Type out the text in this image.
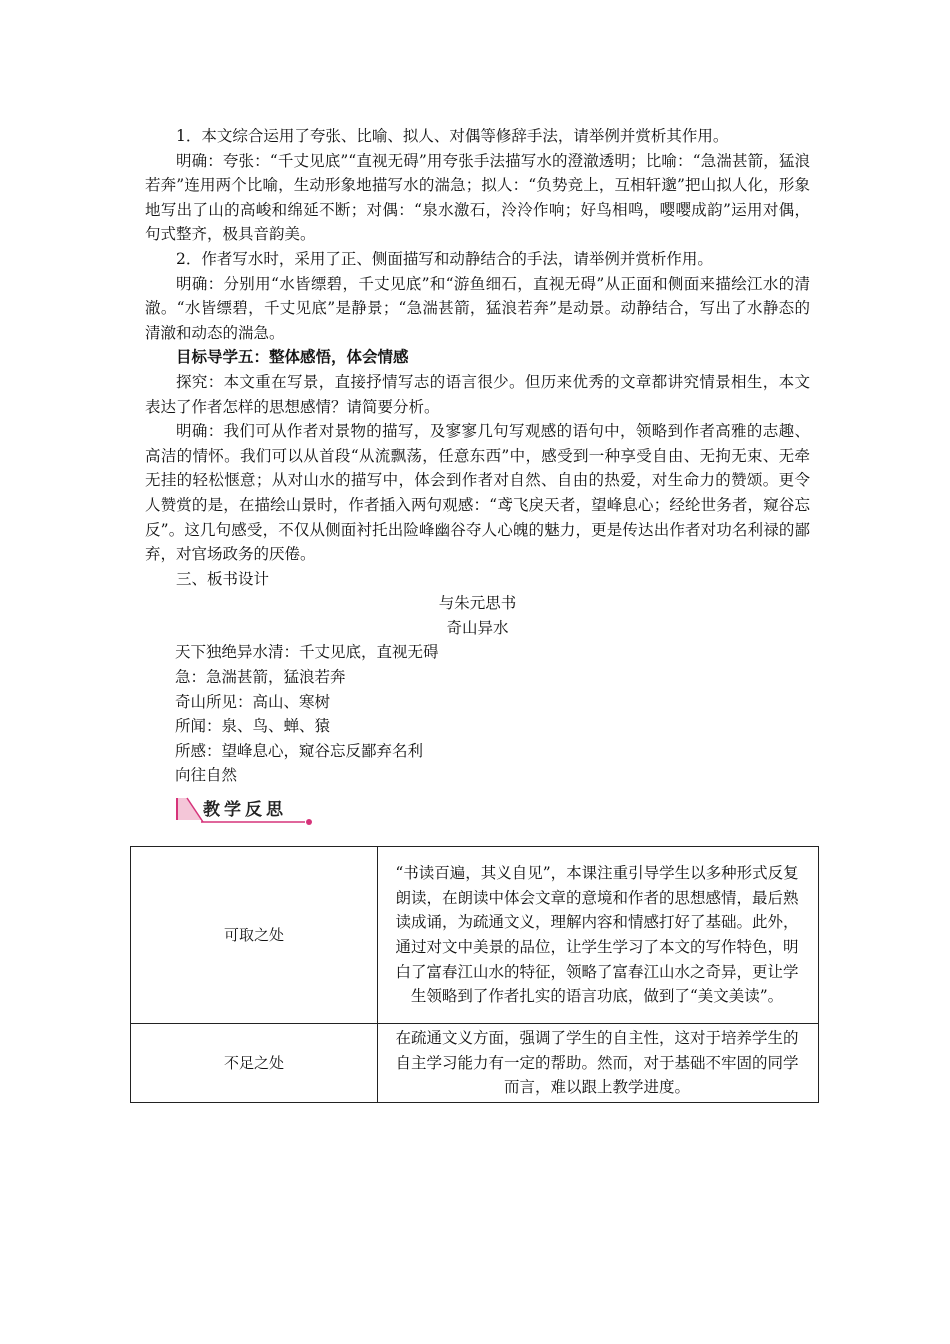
1．本文综合运用了夸张、比喻、拟人、对偶等修辞手法，请举例并赏析其作用。

明确：夸张：“千丈见底”“直视无碍”用夸张手法描写水的澄澈透明；比喻：“急湍甚箭，猛浪若奔”连用两个比喻，生动形象地描写水的湍急；拟人：“负势竞上，互相轩邈”把山拟人化，形象地写出了山的高峻和绵延不断；对偶：“泉水激石，泠泠作响；好鸟相鸣，嘤嘤成韵”运用对偶，句式整齐，极具音韵美。

2．作者写水时，采用了正、侧面描写和动静结合的手法，请举例并赏析作用。

明确：分别用“水皆缥碧，千丈见底”和“游鱼细石，直视无碍”从正面和侧面来描绘江水的清澈。“水皆缥碧，千丈见底”是静景；“急湍甚箭，猛浪若奔”是动景。动静结合，写出了水静态的清澈和动态的湍急。

目标导学五：整体感悟，体会情感

探究：本文重在写景，直接抒情写志的语言很少。但历来优秀的文章都讲究情景相生，本文表达了作者怎样的思想感情？请简要分析。

明确：我们可从作者对景物的描写，及寥寥几句写观感的语句中，领略到作者高雅的志趣、高洁的情怀。我们可以从首段“从流飘荡，任意东西”中，感受到一种享受自由、无拘无束、无牵无挂的轻松惬意；从对山水的描写中，体会到作者对自然、自由的热爱，对生命力的赞颂。更令人赞赏的是，在描绘山景时，作者插入两句观感：“鸢飞戾天者，望峰息心；经纶世务者，窥谷忘反”。这几句感受，不仅从侧面衬托出险峰幽谷夺人心魄的魅力，更是传达出作者对功名利禄的鄙弃，对官场政务的厌倦。

三、板书设计

与朱元思书

奇山异水

天下独绝异水清：千丈见底，直视无碍

急：急湍甚箭，猛浪若奔

奇山所见：高山、寒树

所闻：泉、鸟、蝉、猿

所感：望峰息心，窥谷忘反鄙弃名利

向往自然

教学反思
可取之处	“书读百遍，其义自见”，本课注重引导学生以多种形式反复朗读，在朗读中体会文章的意境和作者的思想感情，最后熟读成诵，为疏通文义，理解内容和情感打好了基础。此外，通过对文中美景的品位，让学生学习了本文的写作特色，明白了富春江山水的特征，领略了富春江山水之奇异，更让学生领略到了作者扎实的语言功底，做到了“美文美读”。
不足之处	在疏通文义方面，强调了学生的自主性，这对于培养学生的自主学习能力有一定的帮助。然而，对于基础不牢固的同学而言，难以跟上教学进度。
